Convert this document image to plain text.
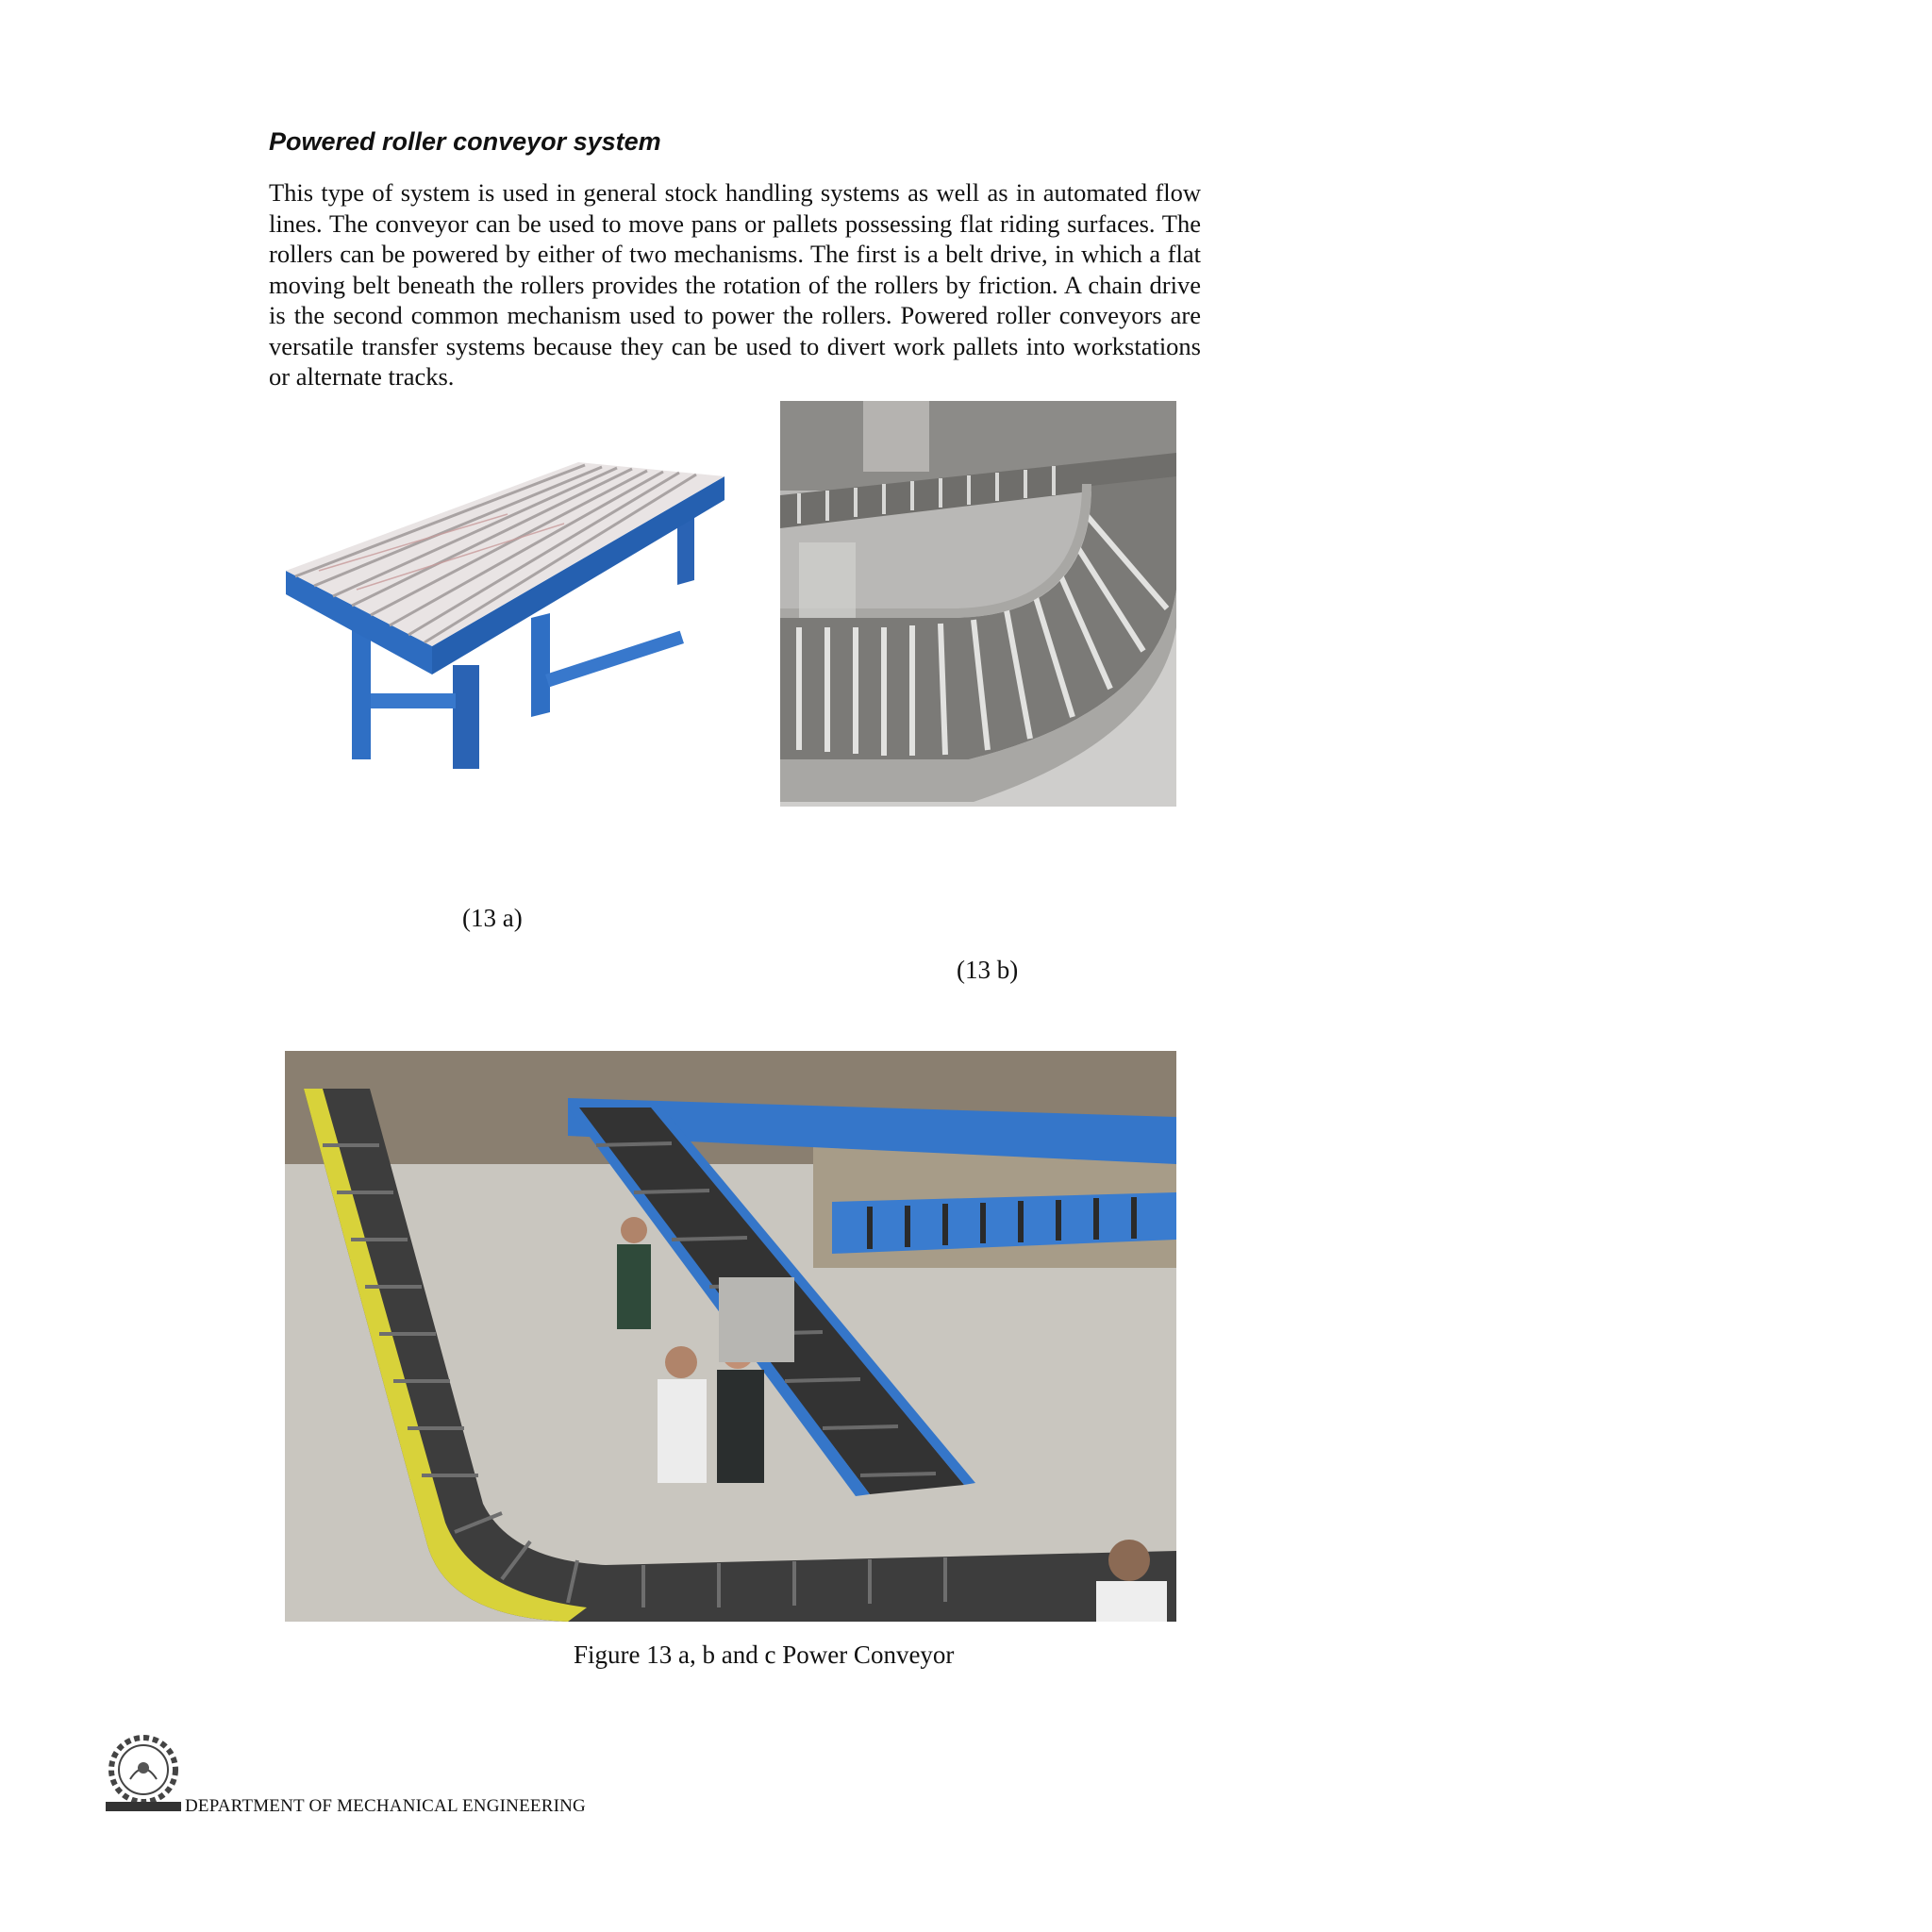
Powered roller conveyor system
This type of system is used in general stock handling systems as well as in automated flow lines. The conveyor can be used to move pans or pallets possessing flat riding surfaces. The rollers can be powered by either of two mechanisms. The first is a belt drive, in which a flat moving belt beneath the rollers provides the rotation of the rollers by friction. A chain drive is the second common mechanism used to power the rollers. Powered roller conveyors are versatile transfer systems because they can be used to divert work pallets into workstations or alternate tracks.
(13 a)
(13 b)
Figure 13 a, b and c Power Conveyor
DEPARTMENT OF MECHANICAL ENGINEERING
